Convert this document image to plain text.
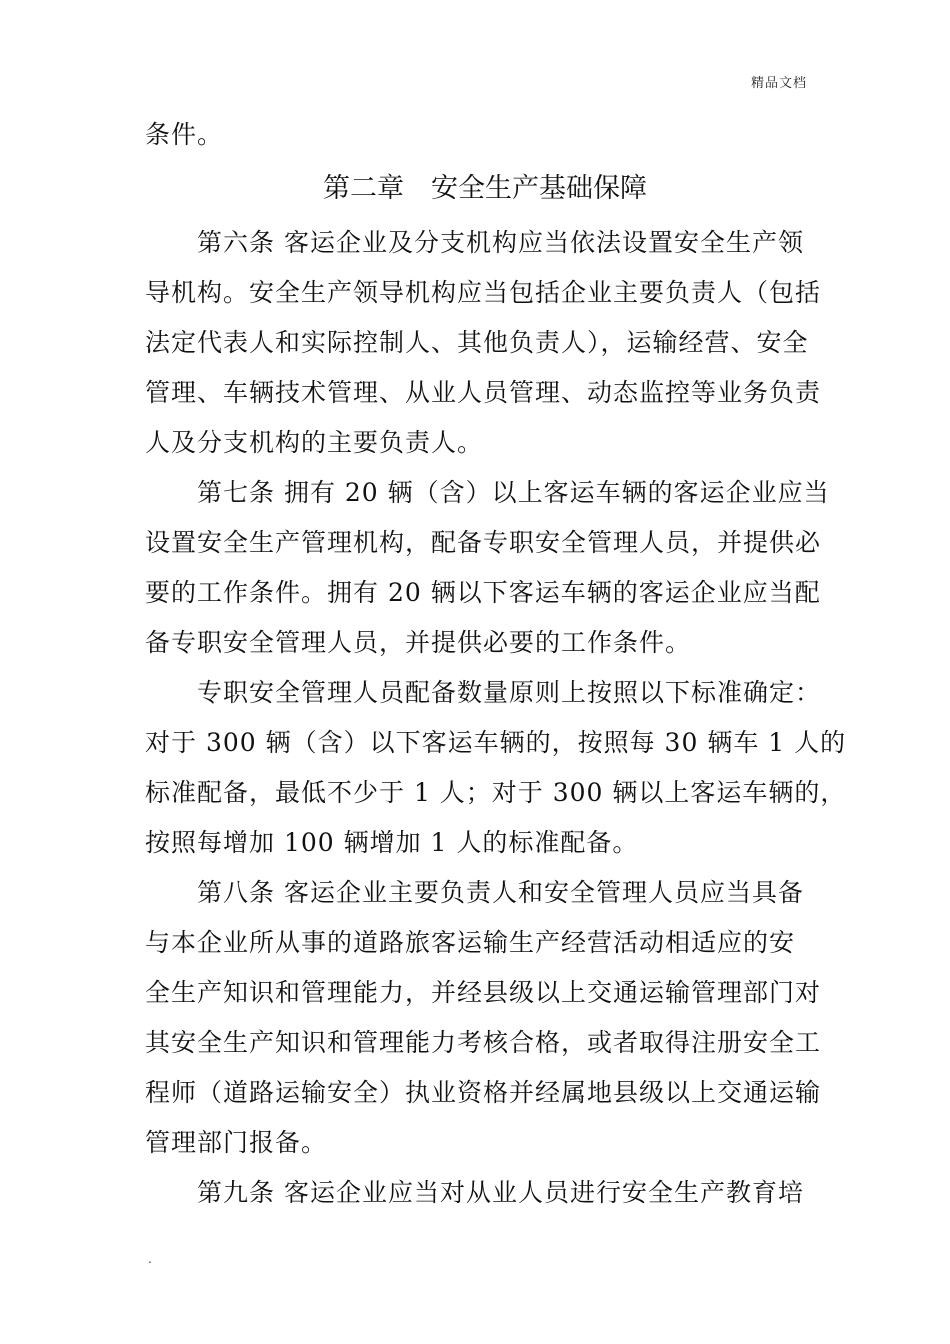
精品文档
条件。
第二章　安全生产基础保障
第六条 客运企业及分支机构应当依法设置安全生产领
导机构。安全生产领导机构应当包括企业主要负责人（包括
法定代表人和实际控制人、其他负责人），运输经营、安全
管理、车辆技术管理、从业人员管理、动态监控等业务负责
人及分支机构的主要负责人。
第七条 拥有 20 辆（含）以上客运车辆的客运企业应当
设置安全生产管理机构，配备专职安全管理人员，并提供必
要的工作条件。拥有 20 辆以下客运车辆的客运企业应当配
备专职安全管理人员，并提供必要的工作条件。
专职安全管理人员配备数量原则上按照以下标准确定：
对于 300 辆（含）以下客运车辆的，按照每 30 辆车 1 人的
标准配备，最低不少于 1 人；对于 300 辆以上客运车辆的，
按照每增加 100 辆增加 1 人的标准配备。
第八条 客运企业主要负责人和安全管理人员应当具备
与本企业所从事的道路旅客运输生产经营活动相适应的安
全生产知识和管理能力，并经县级以上交通运输管理部门对
其安全生产知识和管理能力考核合格，或者取得注册安全工
程师（道路运输安全）执业资格并经属地县级以上交通运输
管理部门报备。
第九条 客运企业应当对从业人员进行安全生产教育培
.
